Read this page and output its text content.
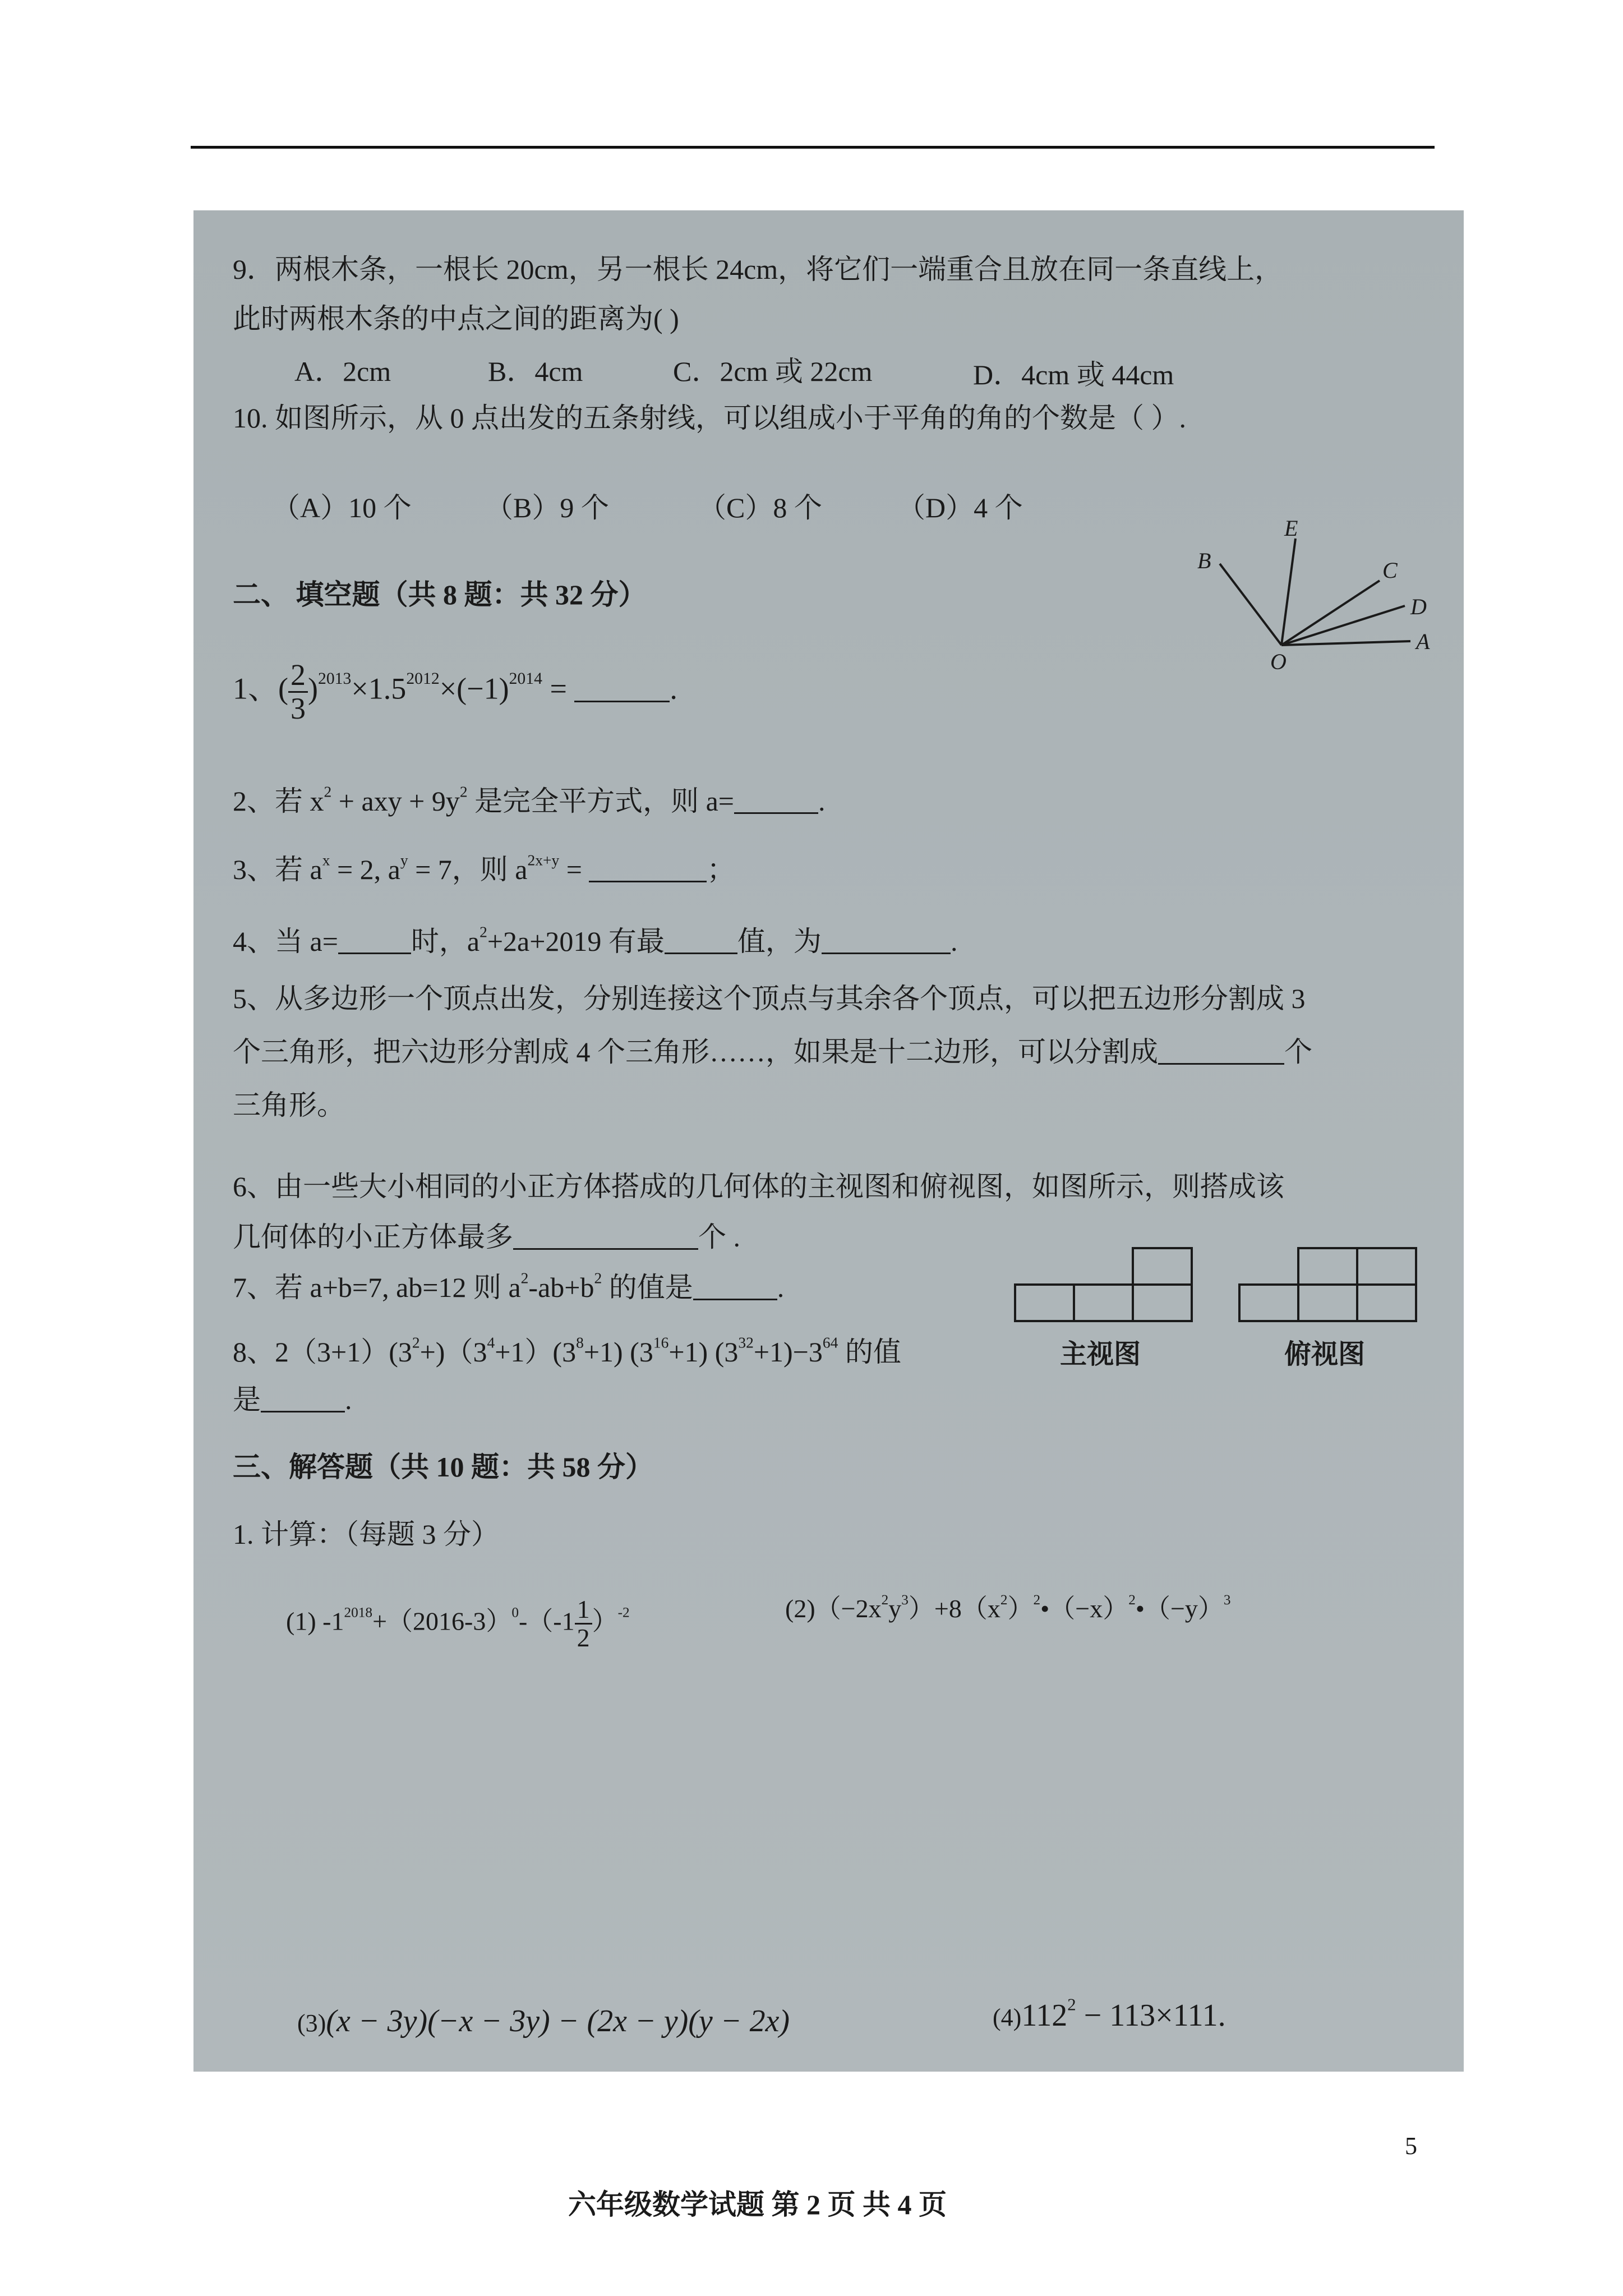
9．两根木条，一根长 20cm，另一根长 24cm，将它们一端重合且放在同一条直线上，
此时两根木条的中点之间的距离为( )
A．2cm	B．4cm	C．2cm 或 22cm	D．4cm 或 44cm
10. 如图所示，从 0 点出发的五条射线，可以组成小于平角的角的个数是（ ）.
（A）10 个	（B）9 个	（C）8 个	（D）4 个
B
E
C
D
A
O
二、 填空题（共 8 题：共 32 分）
1、( $\frac{2}{3} )^{2013}\times 1.5^{2012}\times(-1)^{2014}$ =	.
2、若 $x^2$ + axy + $9y^2$ 是完全平方式，则 a=	.
3、若 $a^x = 2$, $a^y = 7$，则 $a^{2x+y}$ =	；
4、当 a=	时，$a^2+2a+2019$ 有最	值，为	.
5、从多边形一个顶点出发，分别连接这个顶点与其余各个顶点，可以把五边形分割成 3
个三角形，把六边形分割成 4 个三角形……，如果是十二边形，可以分割成	个
三角形。
6、由一些大小相同的小正方体搭成的几何体的主视图和俯视图，如图所示，则搭成该
几何体的小正方体最多	个 .
7、若 a+b=7, ab=12 则 $a^2-ab+b^2$ 的值是	.
8、$2(3+1)(3^2+)(3^4+1)(3^8+1)$ $(3^{16}+1)$ $(3^{32}+1)-3^{64}$ 的值
是	.
主视图	俯视图
三、解答题（共 10 题：共 58 分）
1. 计算：（每题 3 分）
(1) $-1^{2018}+(2016-3)^0-(-1 \frac{1}{2} )^{-2}$	$(2)(-2x^2y^3)+8(x^2)^2•(-x)^2•(-y)^3$
(3)(x − 3y)(−x − 3y) − (2x − y)(y − 2x)	$(4)112^2 - 113\times 111$.
六年级数学试题 第 2 页 共 4 页
5
